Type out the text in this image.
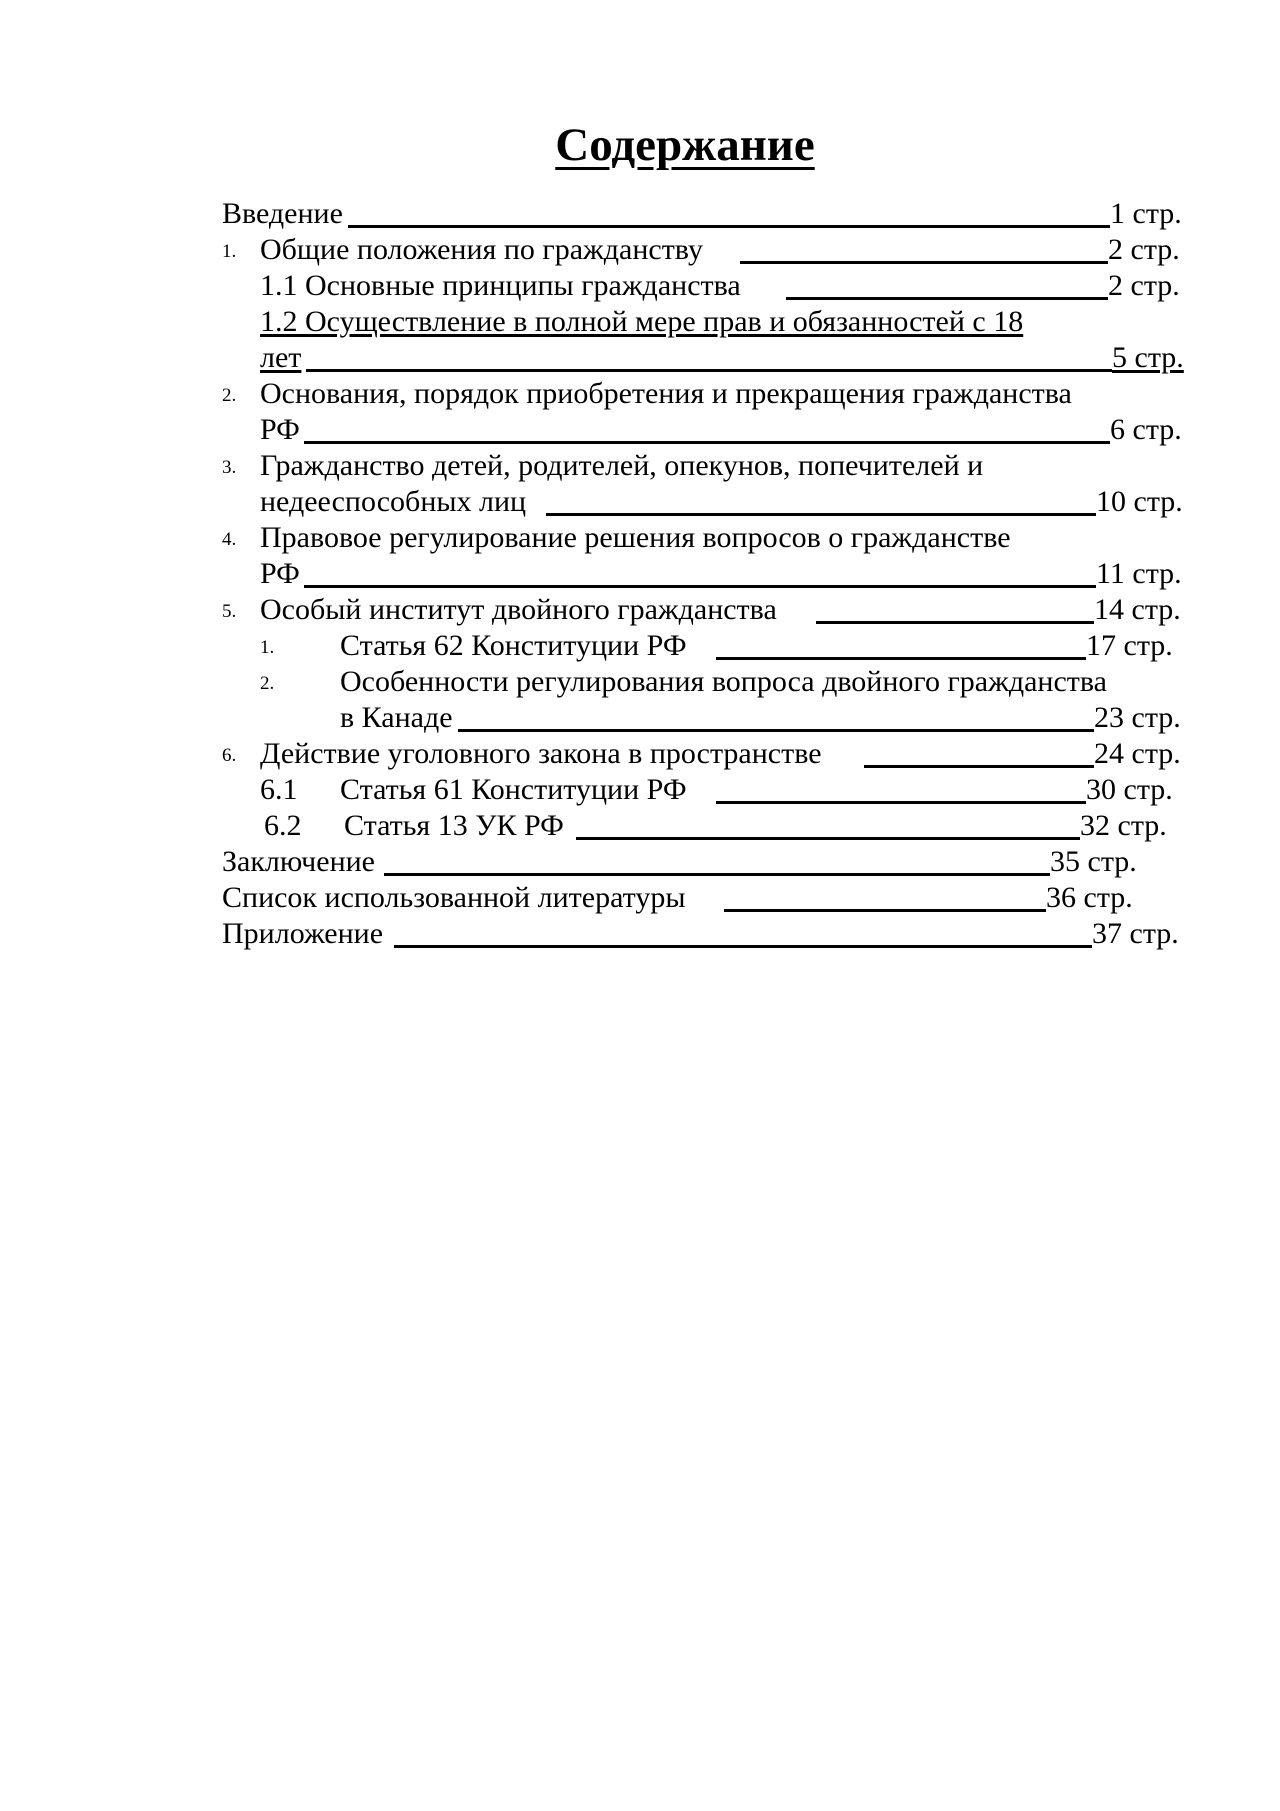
Содержание
Введение	1 стр.
1. Общие положения по гражданству	2 стр.
1.1 Основные принципы гражданства	2 стр.
1.2 Осуществление в полной мере прав и обязанностей с 18
лет	5 стр.
2. Основания, порядок приобретения и прекращения гражданства
РФ	6 стр.
3. Гражданство детей, родителей, опекунов, попечителей и
недееспособных лиц	10 стр.
4. Правовое регулирование решения вопросов о гражданстве
РФ	11 стр.
5. Особый институт двойного гражданства	14 стр.
1. Статья 62 Конституции РФ	17 стр.
2. Особенности регулирования вопроса двойного гражданства
в Канаде	23 стр.
6. Действие уголовного закона в пространстве	24 стр.
6.1 Статья 61 Конституции РФ	30 стр.
6.2 Статья 13 УК РФ	32 стр.
Заключение	35 стр.
Список использованной литературы	36 стр.
Приложение	37 стр.
